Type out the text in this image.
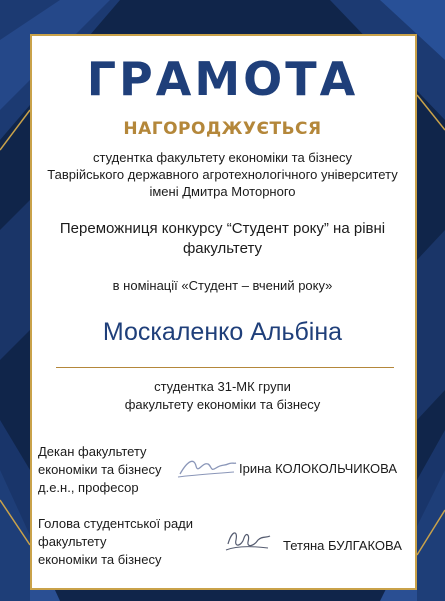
ГРАМОТА
НАГОРОДЖУЄТЬСЯ
студентка факультету економіки та бізнесу
Таврійського державного агротехнологічного університету
імені Дмитра Моторного
Переможниця конкурсу “Студент року” на рівні
факультету
в номінації «Студент – вчений року»
Москаленко Альбіна
студентка 31-МК групи
факультету економіки та бізнесу
Декан факультету
економіки та бізнесу
д.е.н., професор
Ірина КОЛОКОЛЬЧИКОВА
Голова студентської ради
факультету
економіки та бізнесу
Тетяна БУЛГАКОВА
